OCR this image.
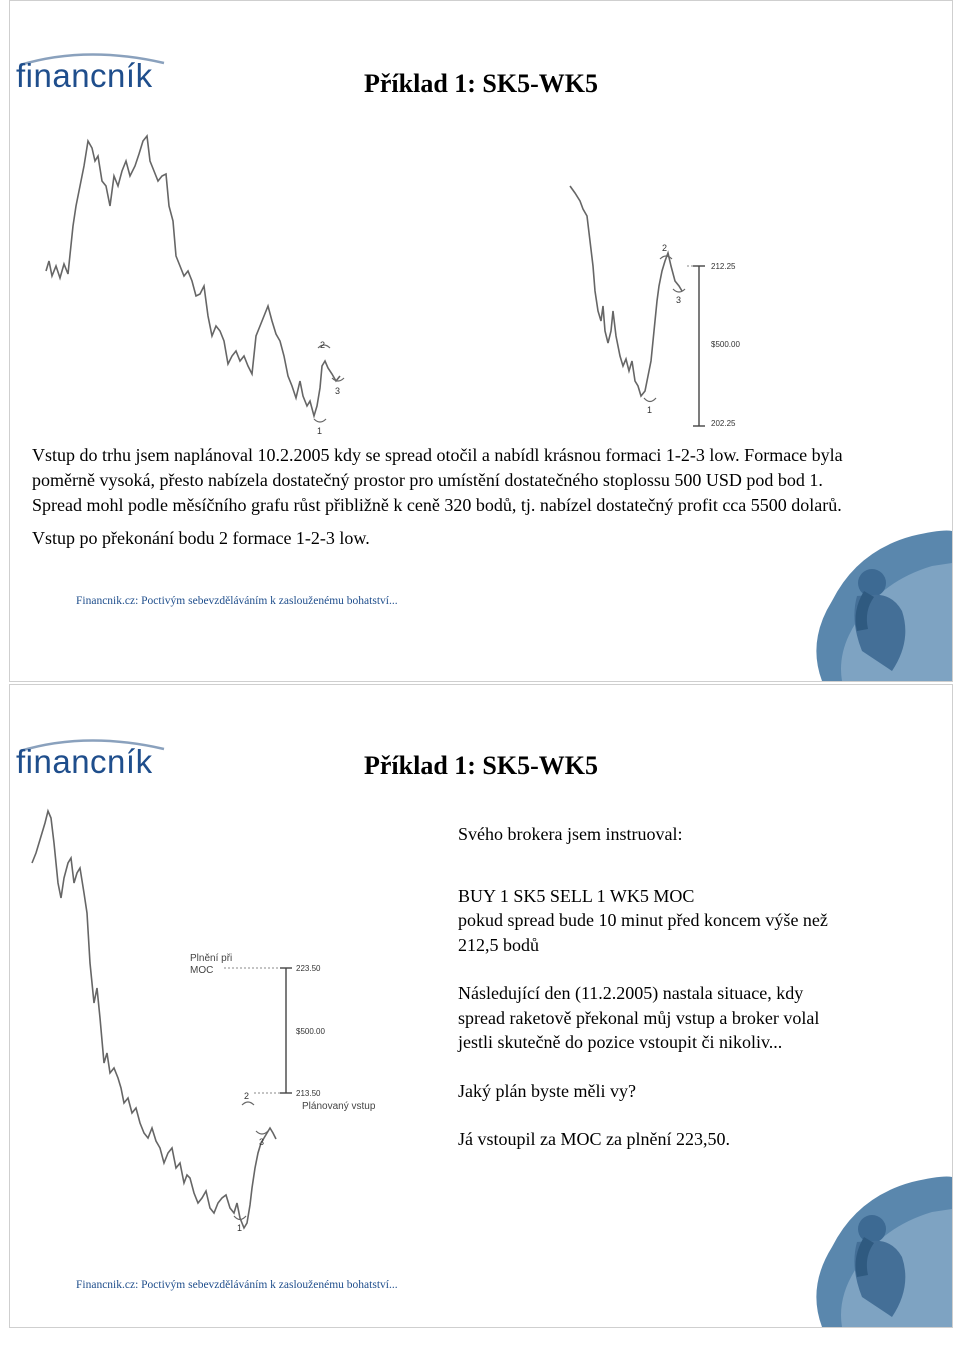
financník	Příklad 1: SK5-WK5
1
2
3
1
2
3
212.25
$500.00
202.25

Vstup do trhu jsem naplánoval 10.2.2005 kdy se spread otočil a nabídl krásnou formaci 1-2-3 low. Formace byla poměrně vysoká, přesto nabízela dostatečný prostor pro umístění dostatečného stoplossu 500 USD pod bod 1. Spread mohl podle měsíčního grafu růst přibližně k ceně 320 bodů, tj. nabízel dostatečný profit cca 5500 dolarů.

Vstup po překonání bodu 2 formace 1-2-3 low.

Financnik.cz: Poctivým sebevzděláváním k zaslouženému bohatství...
financník	Příklad 1: SK5-WK5
1
2
3
Plnění při
MOC	223.50
$500.00
213.50
Plánovaný vstup

Svého brokera jsem instruoval:

BUY 1 SK5 SELL 1 WK5 MOC

pokud spread bude 10 minut před koncem výše než

212,5 bodů

Následující den (11.2.2005) nastala situace, kdy

spread raketově překonal můj vstup a broker volal

jestli skutečně do pozice vstoupit či nikoliv...

Jaký plán byste měli vy?

Já vstoupil za MOC za plnění 223,50.

Financnik.cz: Poctivým sebevzděláváním k zaslouženému bohatství...
